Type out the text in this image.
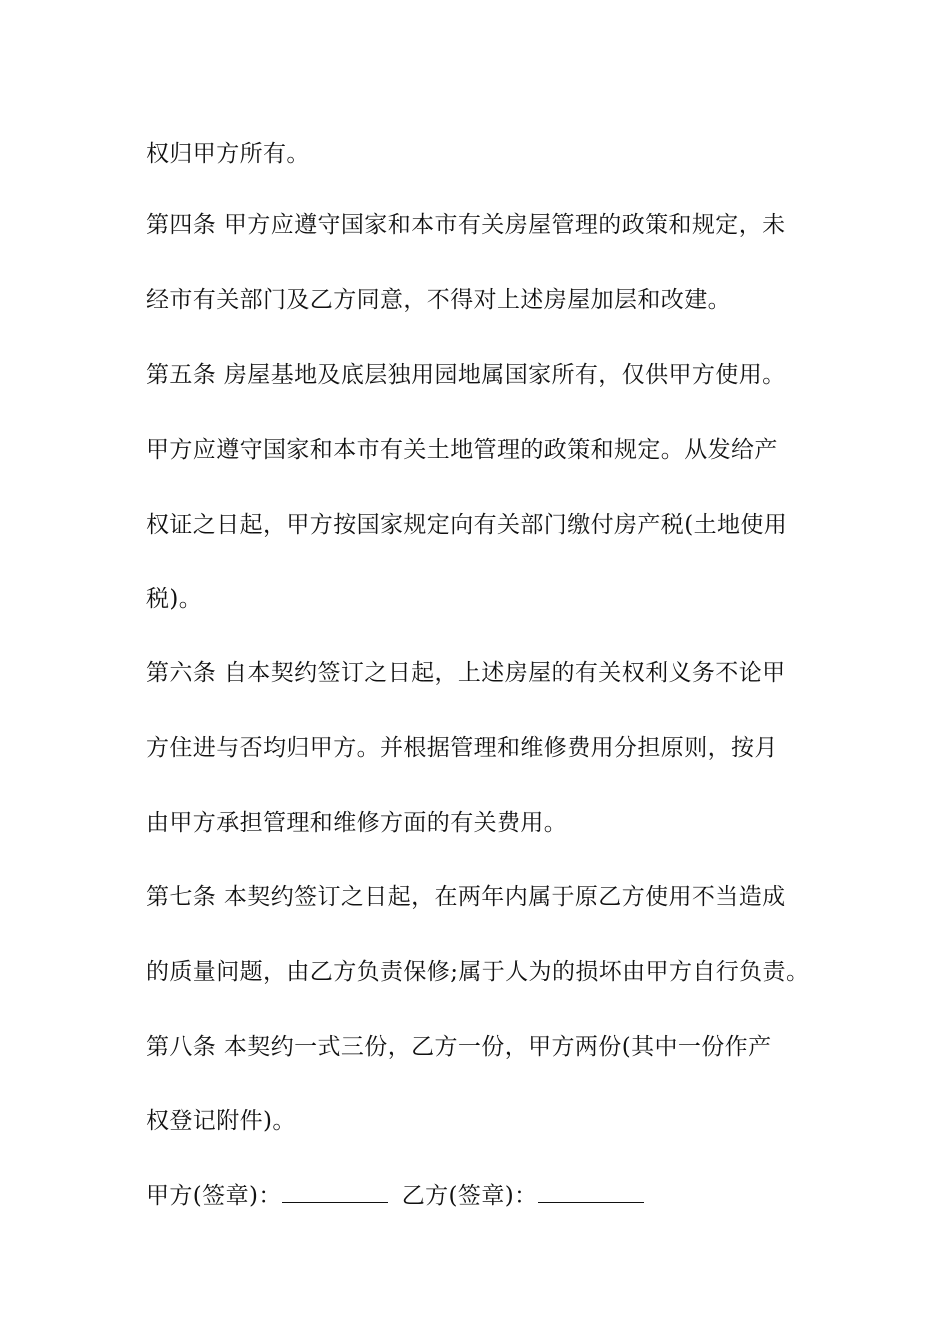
权归甲方所有。
第四条 甲方应遵守国家和本市有关房屋管理的政策和规定，未
经市有关部门及乙方同意，不得对上述房屋加层和改建。
第五条 房屋基地及底层独用园地属国家所有，仅供甲方使用。
甲方应遵守国家和本市有关土地管理的政策和规定。从发给产
权证之日起，甲方按国家规定向有关部门缴付房产税(土地使用
税)。
第六条 自本契约签订之日起，上述房屋的有关权利义务不论甲
方住进与否均归甲方。并根据管理和维修费用分担原则，按月
由甲方承担管理和维修方面的有关费用。
第七条 本契约签订之日起，在两年内属于原乙方使用不当造成
的质量问题，由乙方负责保修;属于人为的损坏由甲方自行负责。
第八条 本契约一式三份，乙方一份，甲方两份(其中一份作产
权登记附件)。
甲方(签章)：	乙方(签章)：
